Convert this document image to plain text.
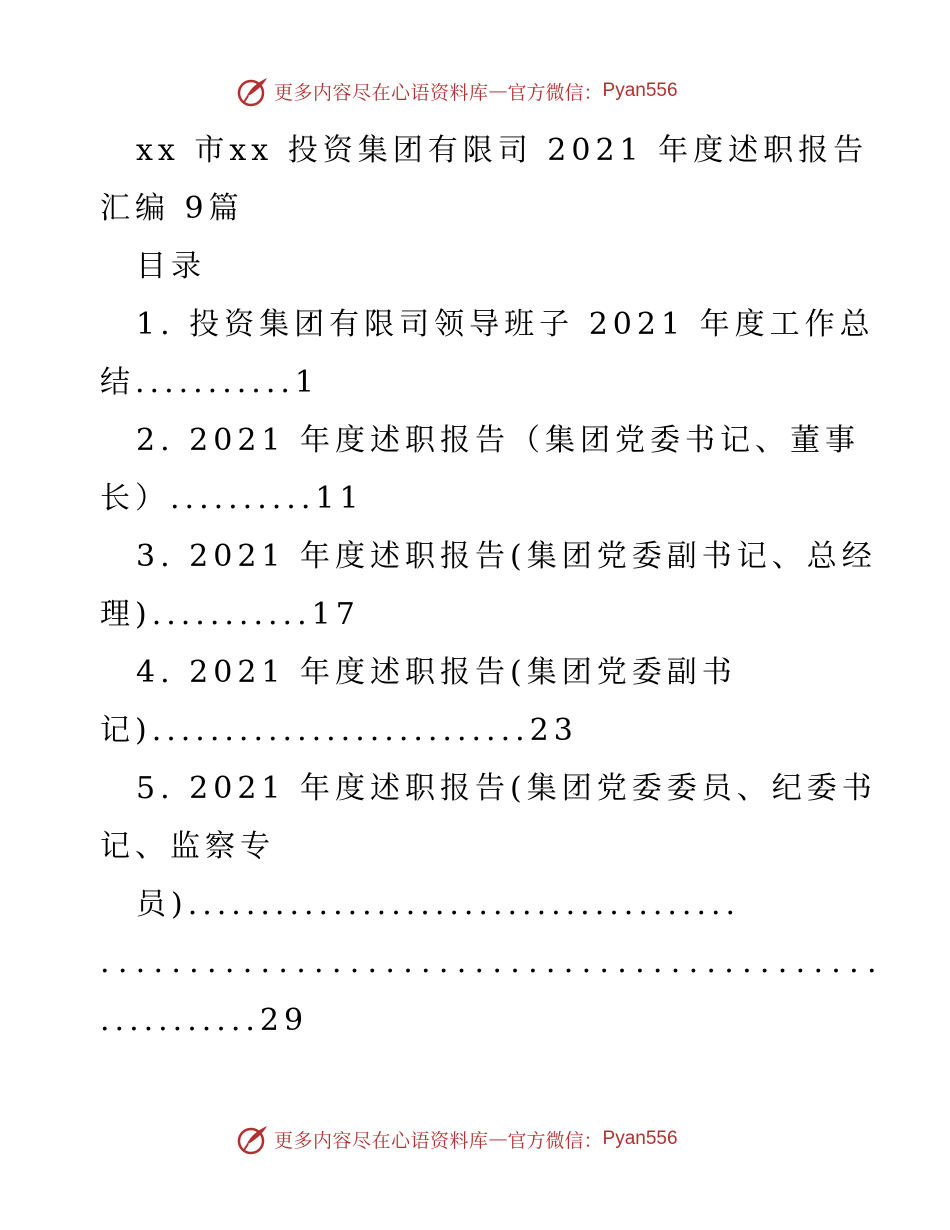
更多内容尽在心语资料库 — 官方微信： Pyan556
xx 市xx 投资集团有限司 2021 年度述职报告
汇编 9篇
目录
1. 投资集团有限司领导班子 2021 年度工作总
结...........1
2. 2021 年度述职报告（集团党委书记、董事
长）..........11
3. 2021 年度述职报告(集团党委副书记、总经
理)...........17
4. 2021 年度述职报告(集团党委副书
记)..........................23
5. 2021 年度述职报告(集团党委委员、纪委书
记、监察专
员)......................................
............................................
...........29
更多内容尽在心语资料库 — 官方微信： Pyan556
